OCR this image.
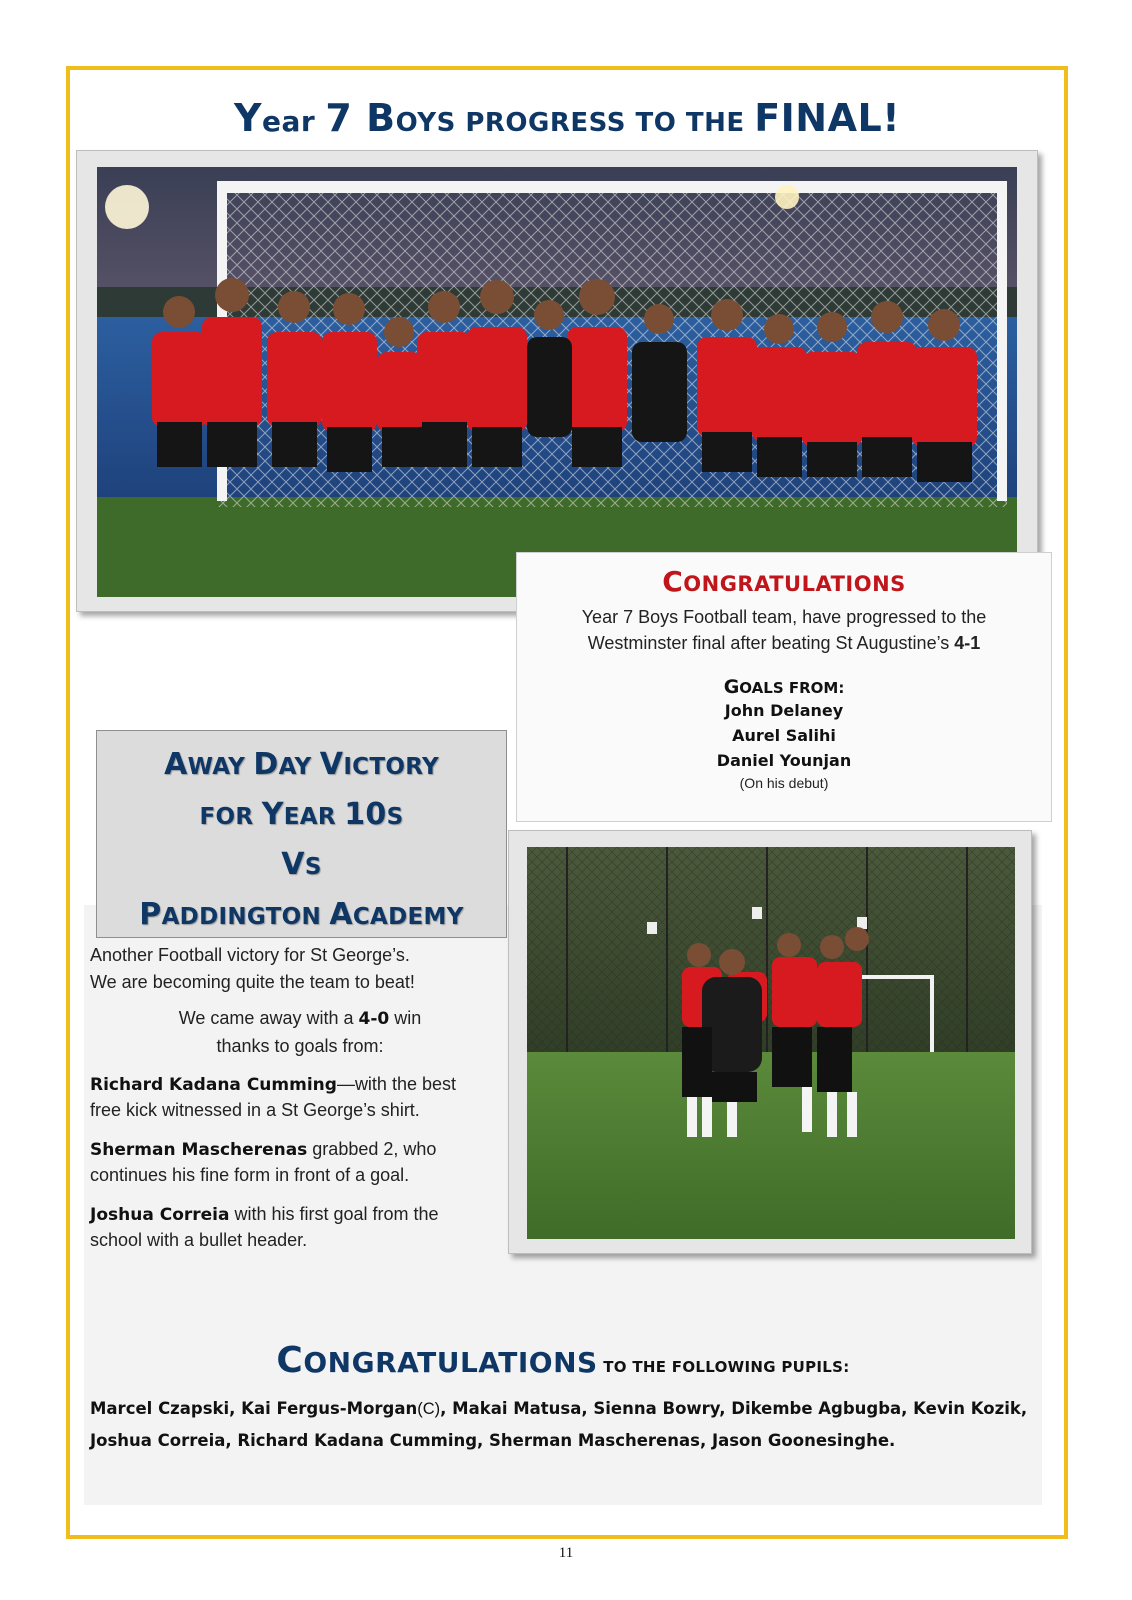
Year 7 BOYS PROGRESS TO THE FINAL!
CONGRATULATIONS
Year 7 Boys Football team, have progressed to the
Westminster final after beating St Augustine’s 4-1
GOALS FROM:
John Delaney
Aurel Salihi
Daniel Younjan
(On his debut)
AWAY DAY VICTORY
FOR YEAR 10S
VS
PADDINGTON ACADEMY
Another Football victory for St George’s.
We are becoming quite the team to beat!
We came away with a 4-0 win
thanks to goals from:
Richard Kadana Cumming—with the best
free kick witnessed in a St George’s shirt.
Sherman Mascherenas grabbed 2, who
continues his fine form in front of a goal.
Joshua Correia with his first goal from the
school with a bullet header.
CONGRATULATIONS TO THE FOLLOWING PUPILS:
Marcel Czapski, Kai Fergus-Morgan(C), Makai Matusa, Sienna Bowry, Dikembe Agbugba, Kevin Kozik,
Joshua Correia, Richard Kadana Cumming, Sherman Mascherenas, Jason Goonesinghe.
11
